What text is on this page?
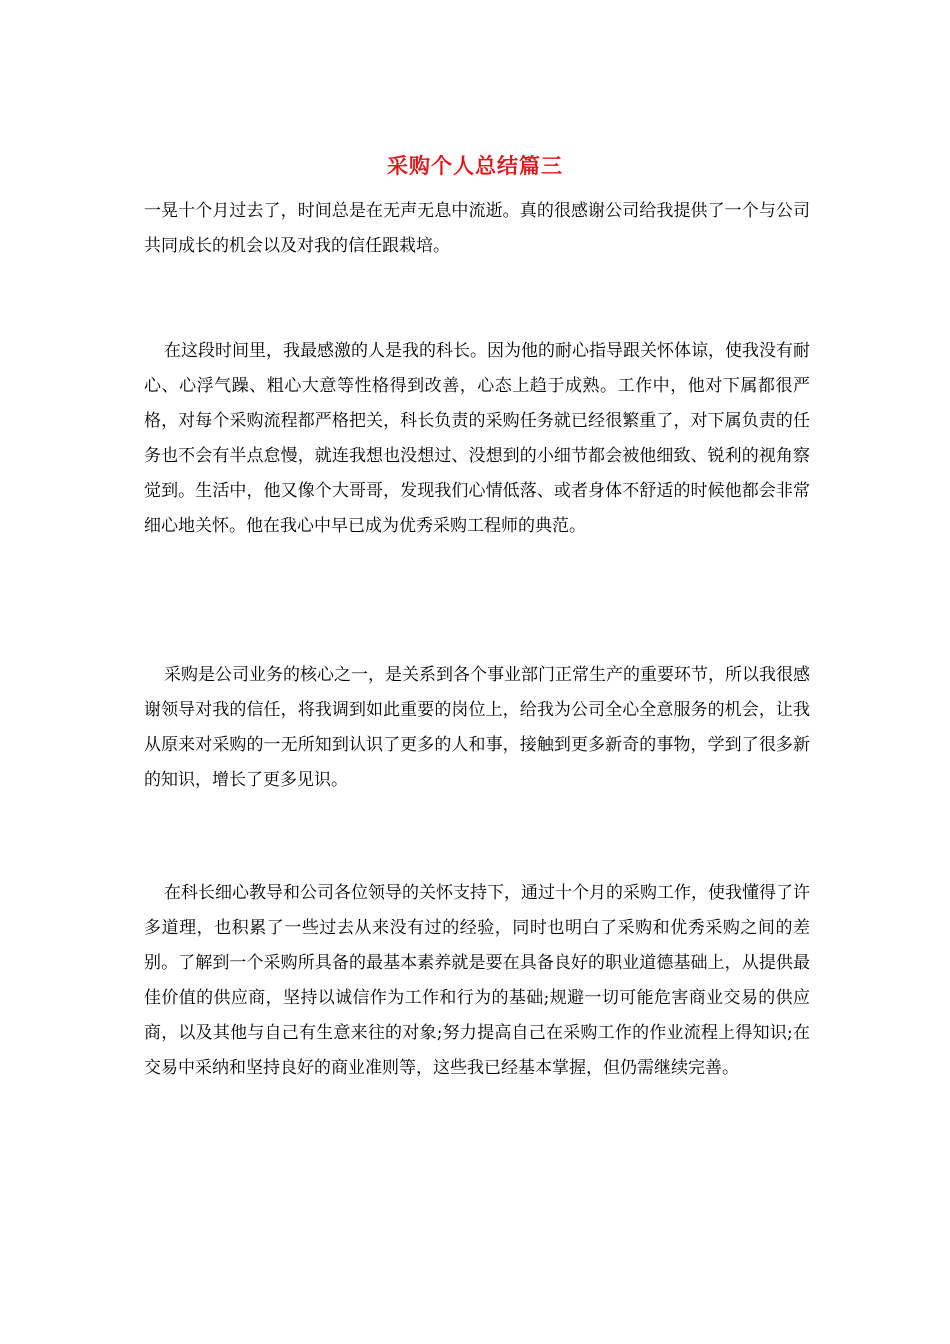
采购个人总结篇三

一晃十个月过去了，时间总是在无声无息中流逝。真的很感谢公司给我提供了一个与公司共同成长的机会以及对我的信任跟栽培。

在这段时间里，我最感激的人是我的科长。因为他的耐心指导跟关怀体谅，使我没有耐心、心浮气躁、粗心大意等性格得到改善，心态上趋于成熟。工作中，他对下属都很严格，对每个采购流程都严格把关，科长负责的采购任务就已经很繁重了，对下属负责的任务也不会有半点怠慢，就连我想也没想过、没想到的小细节都会被他细致、锐利的视角察觉到。生活中，他又像个大哥哥，发现我们心情低落、或者身体不舒适的时候他都会非常细心地关怀。他在我心中早已成为优秀采购工程师的典范。

采购是公司业务的核心之一，是关系到各个事业部门正常生产的重要环节，所以我很感谢领导对我的信任，将我调到如此重要的岗位上，给我为公司全心全意服务的机会，让我从原来对采购的一无所知到认识了更多的人和事，接触到更多新奇的事物，学到了很多新的知识，增长了更多见识。

在科长细心教导和公司各位领导的关怀支持下，通过十个月的采购工作，使我懂得了许多道理，也积累了一些过去从来没有过的经验，同时也明白了采购和优秀采购之间的差别。了解到一个采购所具备的最基本素养就是要在具备良好的职业道德基础上，从提供最佳价值的供应商，坚持以诚信作为工作和行为的基础;规避一切可能危害商业交易的供应商，以及其他与自己有生意来往的对象;努力提高自己在采购工作的作业流程上得知识;在交易中采纳和坚持良好的商业准则等，这些我已经基本掌握，但仍需继续完善。
